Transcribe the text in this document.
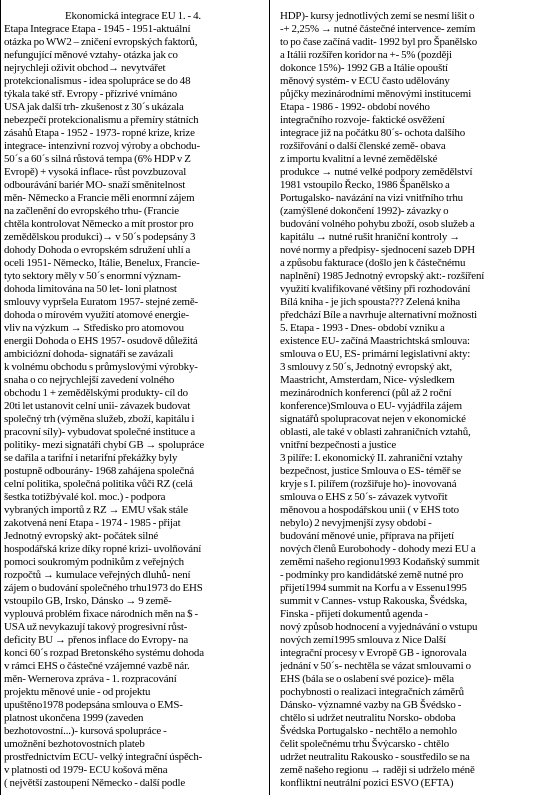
Ekonomická integrace EU 1. - 4.
Etapa Integrace Etapa - 1945 - 1951-aktuální
otázka po WW2 – zničení evropských faktorů,
nefungující měnové vztahy- otázka jak co
nejrychleji oživit obchod→ nevytvářet
protekcionalismus - idea spolupráce se do 48
týkala také stř. Evropy - přízrivé vnímáno
USA jak další trh- zkušenost z 30´s ukázala
nebezpečí protekcionalismu a přemíry státních
zásahů Etapa - 1952 - 1973- ropné krize, krize
integrace- intenzivní rozvoj výroby a obchodu-
50´s a 60´s silná růstová tempa (6% HDP v Z
Evropě) + vysoká inflace- růst povzbuzoval
odbourávání bariér MO- snaží směnitelnost
měn- Německo a Francie měli enormní zájem
na začlenění do evropského trhu- (Francie
chtěla kontrolovat Německo a mít prostor pro
zemědělskou produkci)→ v 50´s podepsány 3
dohody Dohoda o evropském sdružení uhlí a
oceli 1951- Německo, Itálie, Benelux, Francie-
tyto sektory měly v 50´s enormní význam-
dohoda limitována na 50 let- loni platnost
smlouvy vypršela Euratom 1957- stejné země-
dohoda o mírovém využití atomové energie-
vliv na výzkum → Středisko pro atomovou
energii Dohoda o EHS 1957- osudově důležitá
ambiciózní dohoda- signatáři se zavázali
k volnému obchodu s průmyslovými výrobky-
snaha o co nejrychlejší zavedení volného
obchodu 1 + zemědělskými produkty- cíl do
20ti let ustanovit celní unii- závazek budovat
společný trh (výměna služeb, zboží, kapitálu i
pracovní síly)- vybudovat společné instituce a
politiky- mezi signatáři chybí GB → spolupráce
se dařila a tarifní i netarifní překážky byly
postupně odbourány- 1968 zahájena společná
celní politika, společná politika vůči RZ (celá
šestka totižbývalé kol. moc.) - podpora
vybraných importů z RZ → EMU však stále
zakotvená není Etapa - 1974 - 1985 - přijat
Jednotný evropský akt- počátek silné
hospodářská krize díky ropné krizi- uvolňování
pomoci soukromým podnikům z veřejných
rozpočtů → kumulace veřejných dluhů- není
zájem o budování společného trhu1973 do EHS
vstoupilo GB, Irsko, Dánsko → 9 země-
vyplouvá problém fixace národních měn na $ -
USA už nevykazují takový progresivní růst-
deficity BU → přenos inflace do Evropy- na
konci 60´s rozpad Bretonského systému dohoda
v rámci EHS o částečné vzájemné vazbě nár.
měn- Wernerova zpráva - 1. rozpracování
projektu měnové unie - od projektu
upuštěno1978 podepsána smlouva o EMS-
platnost ukončena 1999 (zaveden
bezhotovostní...)- kursová spolupráce -
umožnění bezhotovostních plateb
prostřednictvím ECU- velký integrační úspěch-
v platnosti od 1979- ECU košová měna
( největší zastoupení Německo - další podle
HDP)- kursy jednotlivých zemí se nesmí lišit o
-+ 2,25% → nutné částečné intervence- zemím
to po čase začíná vadit- 1992 byl pro Španělsko
a Itálii rozšířen koridor na +- 5% (později
dokonce 15%)- 1992 GB a Itálie opouští
měnový systém- v ECU často udělovány
půjčky mezinárodními měnovými institucemi
Etapa - 1986 - 1992- období nového
integračního rozvoje- faktické osvěžení
integrace již na počátku 80´s- ochota dalšího
rozšiřování o další členské země- obava
z importu kvalitní a levné zemědělské
produkce → nutné velké podpory zemědělství
1981 vstoupilo Řecko, 1986 Španělsko a
Portugalsko- navázání na vizi vnitřního trhu
(zamýšlené dokončení 1992)- závazky o
budování volného pohybu zboží, osob služeb a
kapitálu → nutné rušit hraniční kontroly →
nové normy a předpisy- sjednocení sazeb DPH
a způsobu fakturace (došlo jen k částečnému
naplnění) 1985 Jednotný evropský akt:- rozšíření
využití kvalifikované většiny při rozhodování
Bílá kniha - je jich spousta??? Zelená kniha
předchází Bíle a navrhuje alternativní možnosti
5. Etapa - 1993 - Dnes- období vzniku a
existence EU- začíná Maastrichtská smlouva:
smlouva o EU, ES- primární legislativní akty:
3 smlouvy z 50´s, Jednotný evropský akt,
Maastricht, Amsterdam, Nice- výsledkem
mezinárodních konferencí (půl až 2 roční
konference)Smlouva o EU- vyjádřila zájem
signatářů spolupracovat nejen v ekonomické
oblasti, ale také v oblasti zahraničních vztahů,
vnitřní bezpečnosti a justice
3 pilíře: I. ekonomický II. zahraniční vztahy
bezpečnost, justice Smlouva o ES- téměř se
kryje s I. pilířem (rozšiřuje ho)- inovovaná
smlouva o EHS z 50´s- závazek vytvořit
měnovou a hospodářskou unii ( v EHS toto
nebylo) 2 nevyjmenjší zysy období -
budování měnové unie, příprava na přijetí
nových členů Eurobohody - dohody mezi EU a
zeměmi našeho regionu1993 Kodaňský summit
- podmínky pro kandidátské země nutné pro
přijetí1994 summit na Korfu a v Essenu1995
summit v Cannes- vstup Rakouska, Švédska,
Finska - přijetí dokumentů agenda -
nový způsob hodnocení a vyjednávání o vstupu
nových zemí1995 smlouva z Nice Další
integrační procesy v Evropě GB - ignorovala
jednání v 50´s- nechtěla se vázat smlouvami o
EHS (bála se o oslabení své pozice)- měla
pochybnosti o realizaci integračních záměrů
Dánsko- významné vazby na GB Švédsko -
chtělo si udržet neutralitu Norsko- obdoba
Švédska Portugalsko - nechtělo a nemohlo
čelit společnému trhu Švýcarsko - chtělo
udržet neutralitu Rakousko - soustředilo se na
země našeho regionu → raději si udrželo méně
konfliktní neutrální pozici ESVO (EFTA)
